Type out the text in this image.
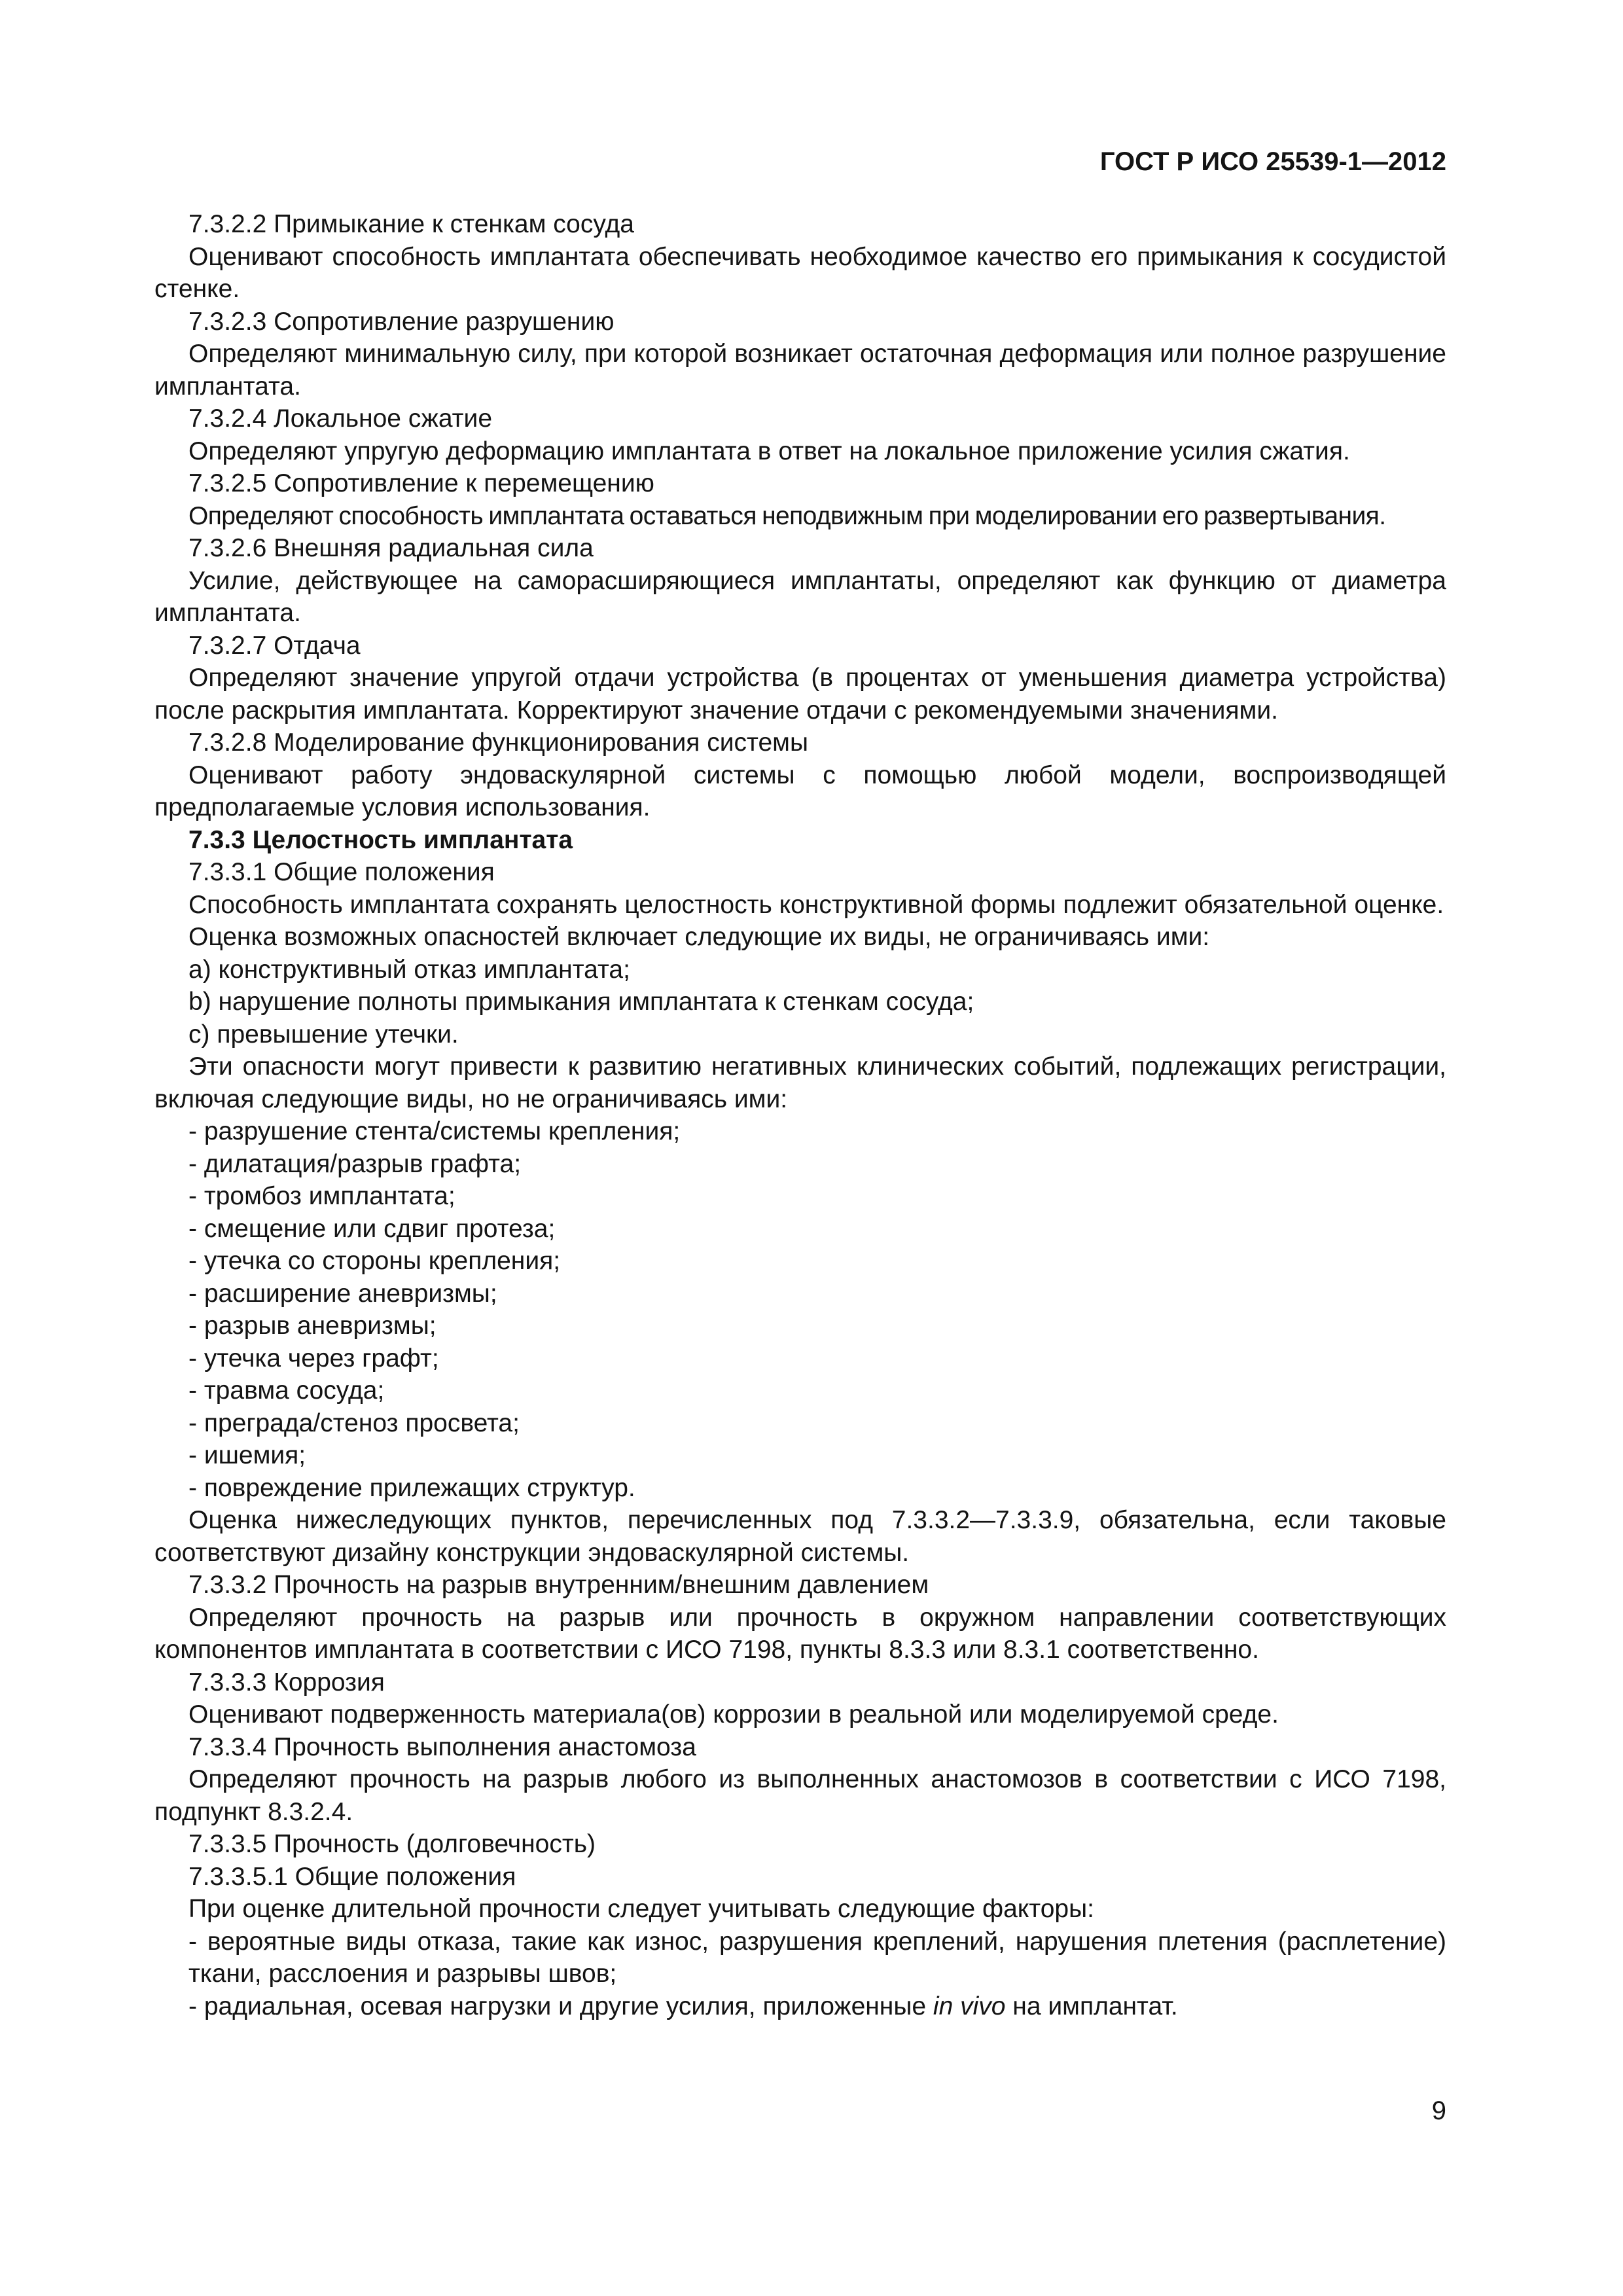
ГОСТ Р ИСО 25539-1—2012

7.3.2.2 Примыкание к стенкам сосуда

Оценивают способность имплантата обеспечивать необходимое качество его примыкания к сосудистой стенке.

7.3.2.3 Сопротивление разрушению

Определяют минимальную силу, при которой возникает остаточная деформация или полное разрушение имплантата.

7.3.2.4 Локальное сжатие

Определяют упругую деформацию имплантата в ответ на локальное приложение усилия сжатия.

7.3.2.5 Сопротивление к перемещению

Определяют способность имплантата оставаться неподвижным при моделировании его развертывания.

7.3.2.6 Внешняя радиальная сила

Усилие, действующее на саморасширяющиеся имплантаты, определяют как функцию от диаметра имплантата.

7.3.2.7 Отдача

Определяют значение упругой отдачи устройства (в процентах от уменьшения диаметра устройства) после раскрытия имплантата. Корректируют значение отдачи с рекомендуемыми значениями.

7.3.2.8 Моделирование функционирования системы

Оценивают работу эндоваскулярной системы с помощью любой модели, воспроизводящей предполагаемые условия использования.

7.3.3 Целостность имплантата

7.3.3.1 Общие положения

Способность имплантата сохранять целостность конструктивной формы подлежит обязательной оценке.

Оценка возможных опасностей включает следующие их виды, не ограничиваясь ими:

a) конструктивный отказ имплантата;

b) нарушение полноты примыкания имплантата к стенкам сосуда;

c) превышение утечки.

Эти опасности могут привести к развитию негативных клинических событий, подлежащих регистрации, включая следующие виды, но не ограничиваясь ими:

- разрушение стента/системы крепления;

- дилатация/разрыв графта;

- тромбоз имплантата;

- смещение или сдвиг протеза;

- утечка со стороны крепления;

- расширение аневризмы;

- разрыв аневризмы;

- утечка через графт;

- травма сосуда;

- преграда/стеноз просвета;

- ишемия;

- повреждение прилежащих структур.

Оценка нижеследующих пунктов, перечисленных под 7.3.3.2—7.3.3.9, обязательна, если таковые соответствуют дизайну конструкции эндоваскулярной системы.

7.3.3.2 Прочность на разрыв внутренним/внешним давлением

Определяют прочность на разрыв или прочность в окружном направлении соответствующих компонентов имплантата в соответствии с ИСО 7198, пункты 8.3.3 или 8.3.1 соответственно.

7.3.3.3 Коррозия

Оценивают подверженность материала(ов) коррозии в реальной или моделируемой среде.

7.3.3.4 Прочность выполнения анастомоза

Определяют прочность на разрыв любого из выполненных анастомозов в соответствии с ИСО 7198, подпункт 8.3.2.4.

7.3.3.5 Прочность (долговечность)

7.3.3.5.1 Общие положения

При оценке длительной прочности следует учитывать следующие факторы:

- вероятные виды отказа, такие как износ, разрушения креплений, нарушения плетения (расплетение) ткани, расслоения и разрывы швов;

- радиальная, осевая нагрузки и другие усилия, приложенные in vivo на имплантат.

9
